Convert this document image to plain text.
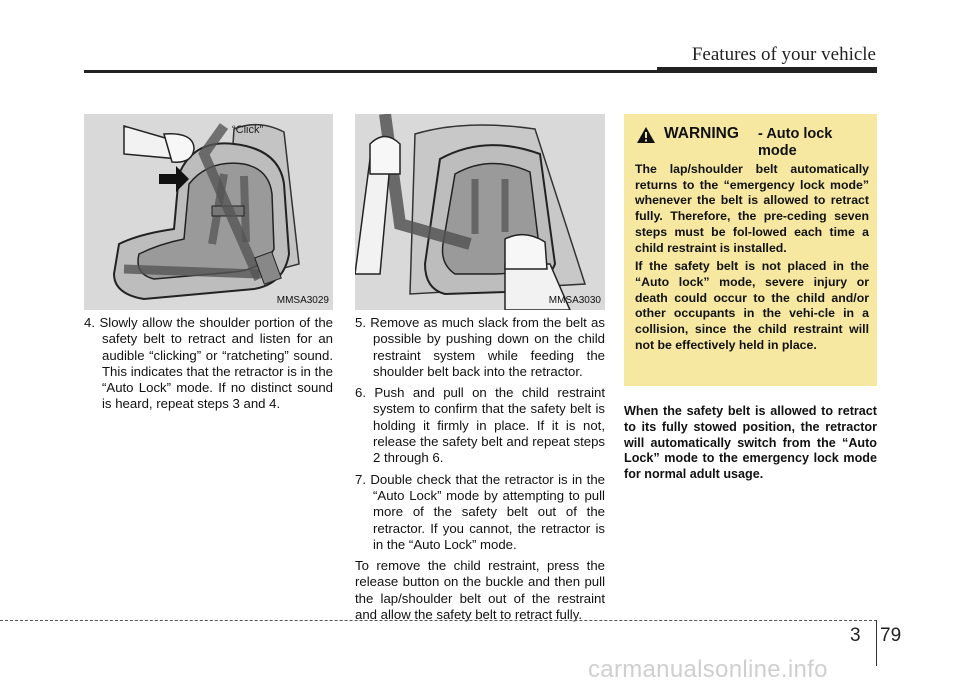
Features of your vehicle
“Click”
MMSA3029	MMSA3030

4. Slowly allow the shoulder portion of the safety belt to retract and listen for an audible “clicking” or “ratcheting” sound. This indicates that the retractor is in the “Auto Lock” mode. If no distinct sound is heard, repeat steps 3 and 4.

5. Remove as much slack from the belt as possible by pushing down on the child restraint system while feeding the shoulder belt back into the retractor.

6. Push and pull on the child restraint system to confirm that the safety belt is holding it firmly in place. If it is not, release the safety belt and repeat steps 2 through 6.

7. Double check that the retractor is in the “Auto Lock” mode by attempting to pull more of the safety belt out of the retractor. If you cannot, the retractor is in the “Auto Lock” mode.

To remove the child restraint, press the release button on the buckle and then pull the lap/shoulder belt out of the restraint and allow the safety belt to retract fully.

WARNING - Auto lock mode

The lap/shoulder belt automatically returns to the “emergency lock mode” whenever the belt is allowed to retract fully. Therefore, the pre-ceding seven steps must be fol-lowed each time a child restraint is installed.

If the safety belt is not placed in the “Auto lock” mode, severe injury or death could occur to the child and/or other occupants in the vehi-cle in a collision, since the child restraint will not be effectively held in place.

When the safety belt is allowed to retract to its fully stowed position, the retractor will automatically switch from the “Auto Lock” mode to the emergency lock mode for normal adult usage.
3 79
carmanualsonline.info
